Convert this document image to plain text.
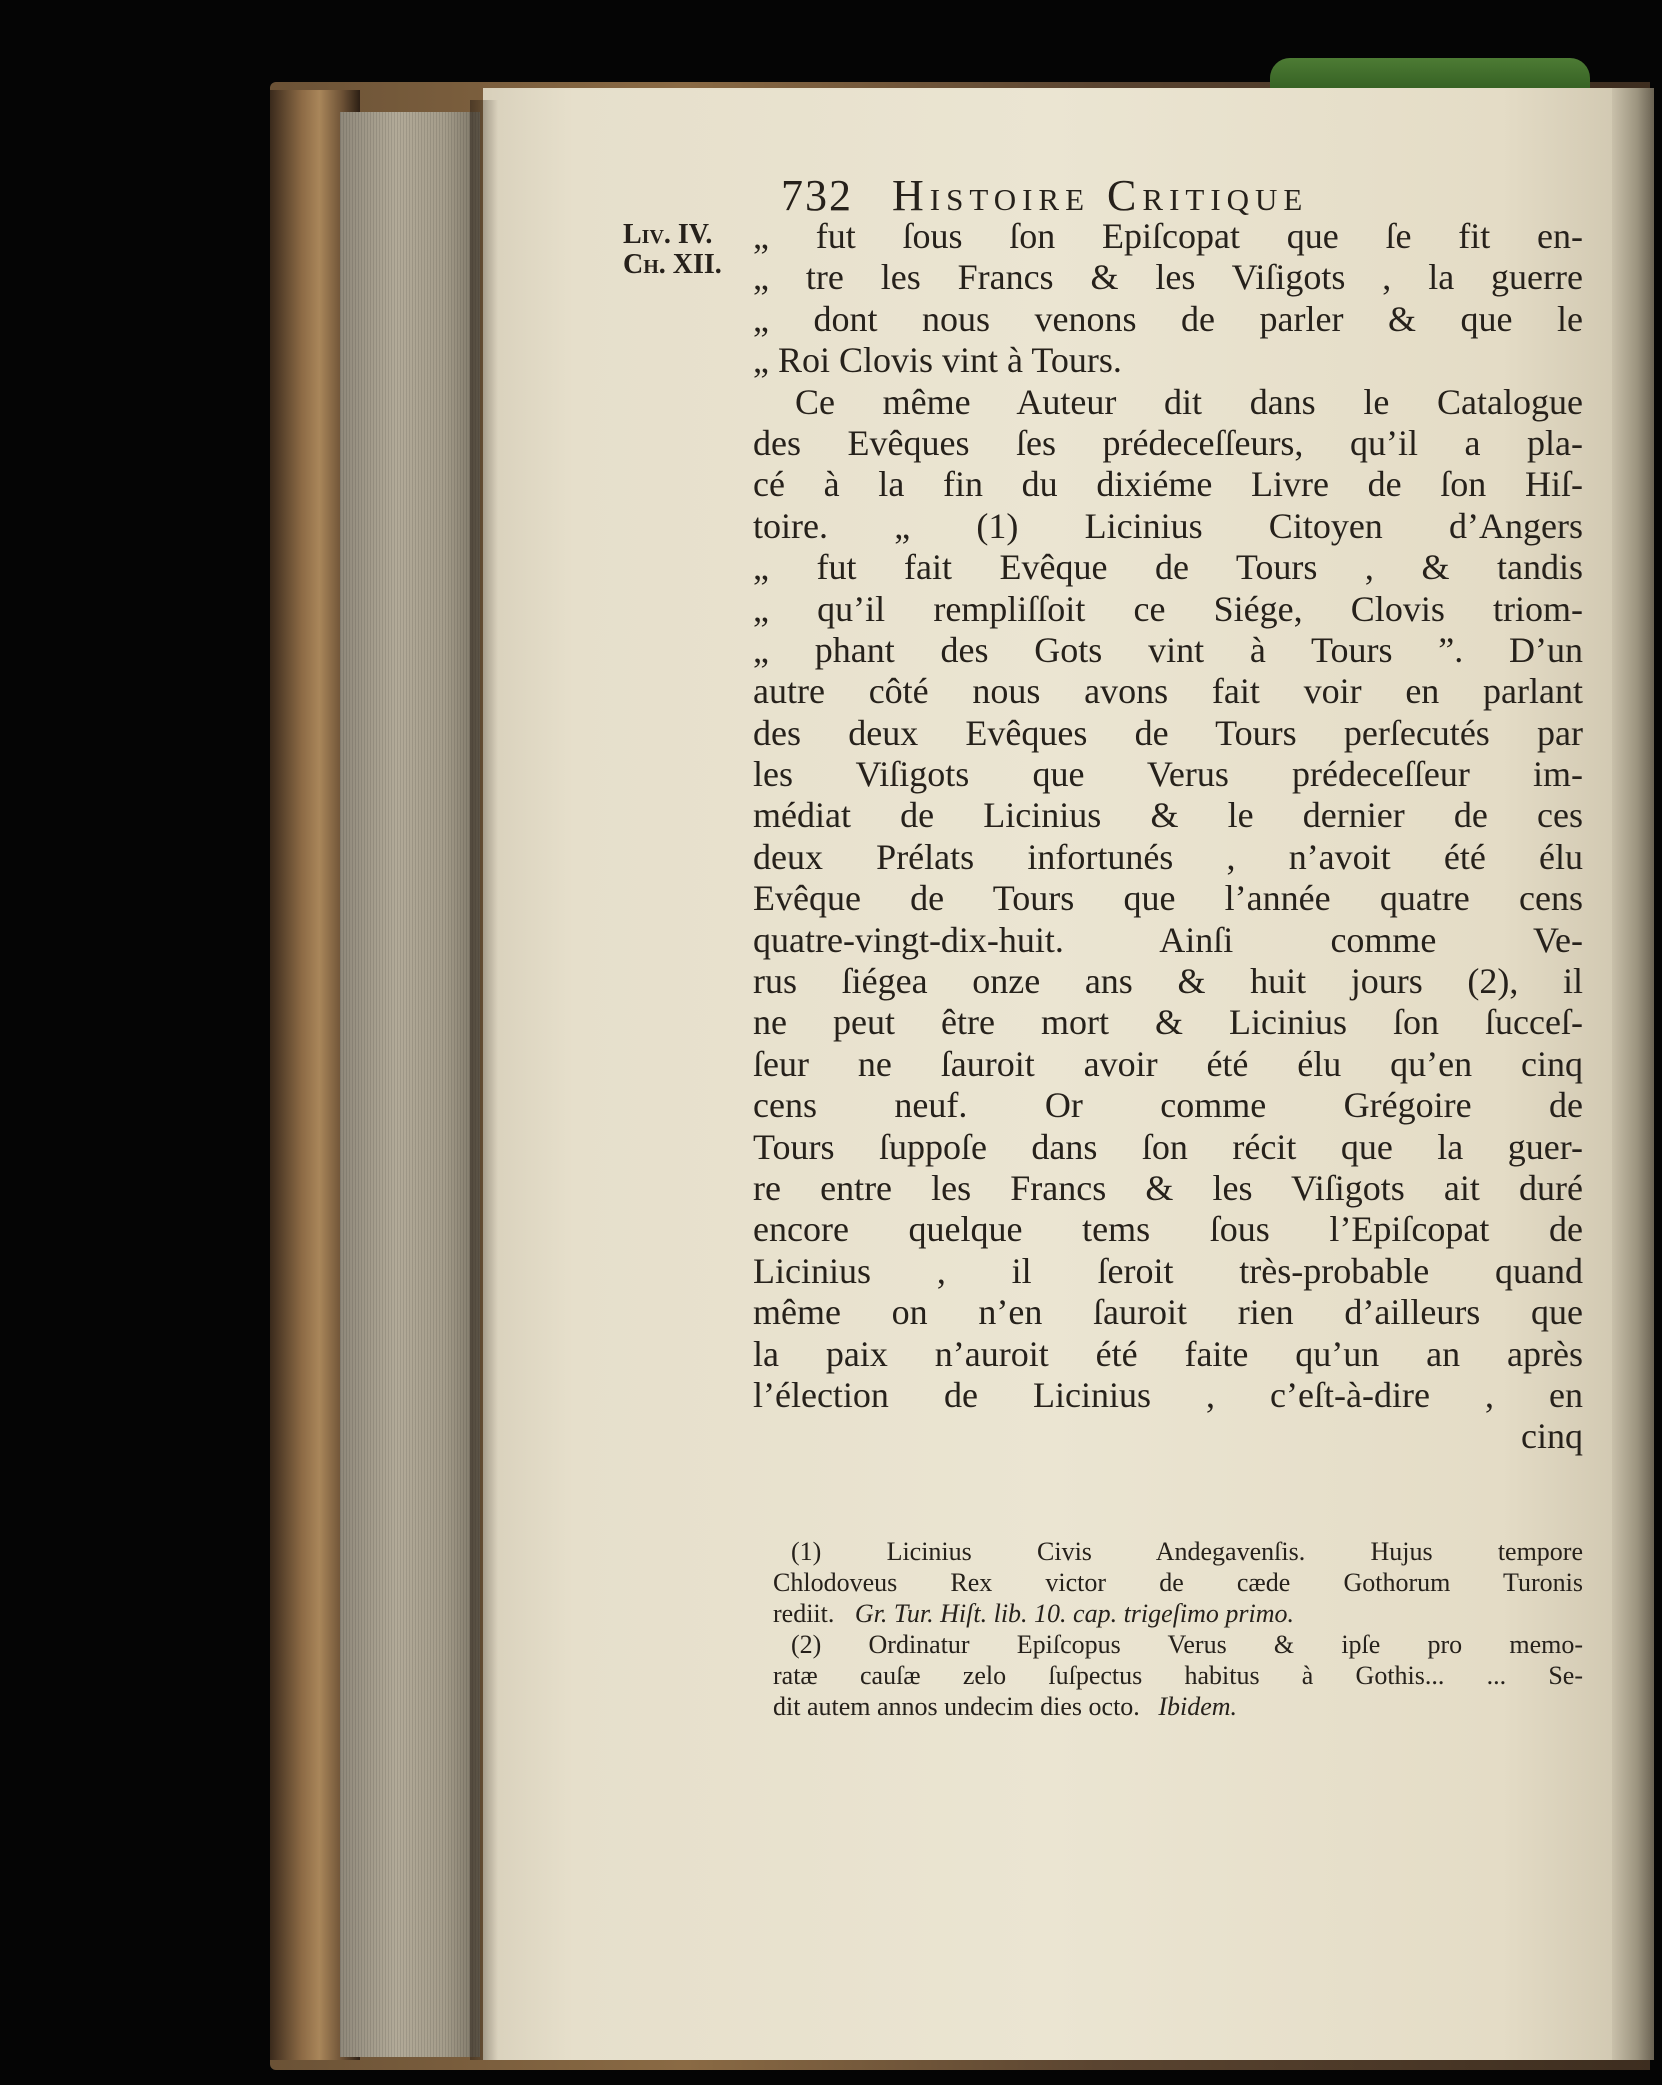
732 Histoire Critique
Liv. IV.
Ch. XII.
„ fut ſous ſon Epiſcopat que ſe fit en-
„ tre les Francs & les Viſigots , la guerre
„ dont nous venons de parler & que le
„ Roi Clovis vint à Tours.
Ce même Auteur dit dans le Catalogue
des Evêques ſes prédeceſſeurs, qu’il a pla-
cé à la fin du dixiéme Livre de ſon Hiſ-
toire. „ (1) Licinius Citoyen d’Angers
„ fut fait Evêque de Tours , & tandis
„ qu’il rempliſſoit ce Siége, Clovis triom-
„ phant des Gots vint à Tours ”. D’un
autre côté nous avons fait voir en parlant
des deux Evêques de Tours perſecutés par
les Viſigots que Verus prédeceſſeur im-
médiat de Licinius & le dernier de ces
deux Prélats infortunés , n’avoit été élu
Evêque de Tours que l’année quatre cens
quatre-vingt-dix-huit. Ainſi comme Ve-
rus ſiégea onze ans & huit jours (2), il
ne peut être mort & Licinius ſon ſucceſ-
ſeur ne ſauroit avoir été élu qu’en cinq
cens neuf. Or comme Grégoire de
Tours ſuppoſe dans ſon récit que la guer-
re entre les Francs & les Viſigots ait duré
encore quelque tems ſous l’Epiſcopat de
Licinius , il ſeroit très-probable quand
même on n’en ſauroit rien d’ailleurs que
la paix n’auroit été faite qu’un an après
l’élection de Licinius , c’eſt-à-dire , en
cinq
(1) Licinius Civis Andegavenſis. Hujus tempore
Chlodoveus Rex victor de cæde Gothorum Turonis
rediit. Gr. Tur. Hiſt. lib. 10. cap. trigeſimo primo.
(2) Ordinatur Epiſcopus Verus & ipſe pro memo-
ratæ cauſæ zelo ſuſpectus habitus à Gothis... ... Se-
dit autem annos undecim dies octo. Ibidem.
